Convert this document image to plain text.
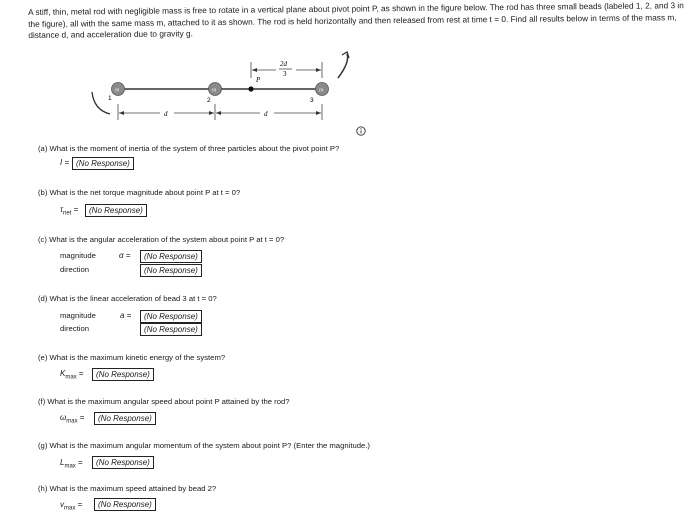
A stiff, thin, metal rod with negligible mass is free to rotate in a vertical plane about pivot point P, as shown in the figure below. The rod has three small beads (labeled 1, 2, and 3 in the figure), all with the same mass m, attached to it as shown. The rod is held horizontally and then released from rest at time t = 0. Find all results below in terms of the mass m, distance d, and acceleration due to gravity g.
P
m	m	m
1	2	3
2d
3
d	d
(a) What is the moment of inertia of the system of three particles about the pivot point P?
I = (No Response)
(b) What is the net torque magnitude about point P at t = 0?
$\tau_{net}$ =	(No Response)
(c) What is the angular acceleration of the system about point P at t = 0?
magnitude	α =	(No Response)
direction	(No Response)
(d) What is the linear acceleration of bead 3 at t = 0?
magnitude	a =	(No Response)
direction	(No Response)
(e) What is the maximum kinetic energy of the system?
$K_{max}$ =	(No Response)
(f) What is the maximum angular speed about point P attained by the rod?
$\omega_{max}$ =	(No Response)
(g) What is the maximum angular momentum of the system about point P? (Enter the magnitude.)
$L_{max}$ =	(No Response)
(h) What is the maximum speed attained by bead 2?
$v_{max}$ =	(No Response)
